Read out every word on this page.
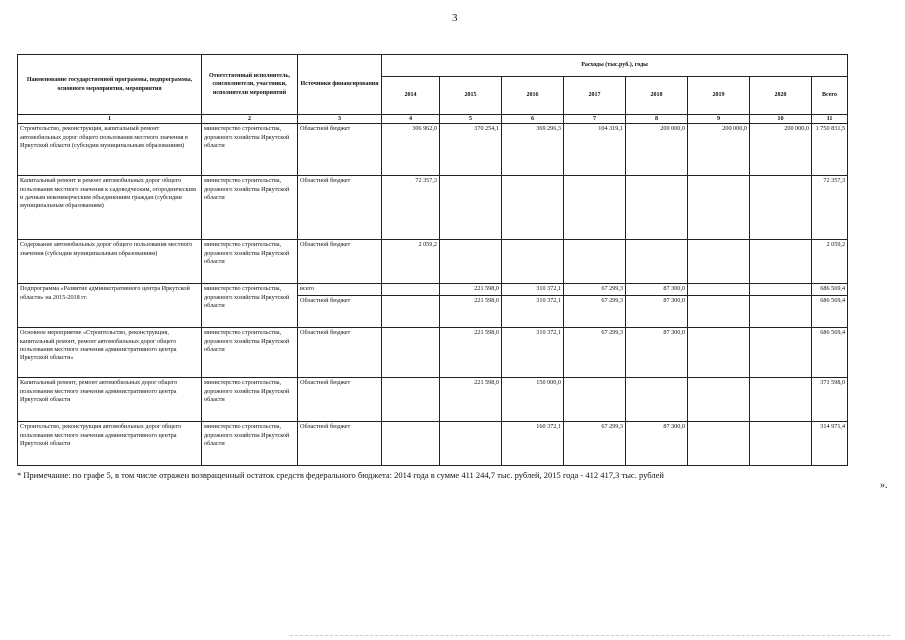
3
Наименование государственной программы, подпрограммы, основного мероприятия, мероприятия	Ответственный исполнитель, соисполнители, участники, исполнители мероприятий	Источники финансирования	Расходы (тыс.руб.), годы							
			2014	2015	2016	2017	2018	2019	2020	Всего
1	2	3	4	5	6	7	8	9	10	11
Строительство, реконструкция, капитальный ремонт автомобильных дорог общего пользования местного значения в Иркутской области (субсидии муниципальным образованиям)	министерство строительства, дорожного хозяйства Иркутской области	Областной бюджет	306 962,0	370 254,1	369 296,3	104 319,1	200 000,0	200 000,0	200 000,0	1 750 831,5
Капитальный ремонт и ремонт автомобильных дорог общего пользования местного значения к садоводческим, огородническим и дачным некоммерческим объединениям граждан (субсидии муниципальным образованиям)	министерство строительства, дорожного хозяйства Иркутской области	Областной бюджет	72 357,3							72 357,3
Содержание автомобильных дорог общего пользования местного значения (субсидии муниципальным образованиям)	министерство строительства, дорожного хозяйства Иркутской области	Областной бюджет	2 059,2							2 059,2
Подпрограмма «Развитие административного центра Иркутской области» на 2015-2018 гг.	министерство строительства, дорожного хозяйства Иркутской области	всего		221 598,0	310 372,1	67 299,3	87 300,0			686 569,4
		Областной бюджет		221 598,0	310 372,1	67 299,3	87 300,0			686 569,4
Основное мероприятие «Строительство, реконструкция, капитальный ремонт, ремонт автомобильных дорог общего пользования местного значения административного центра Иркутской области»	министерство строительства, дорожного хозяйства Иркутской области	Областной бюджет		221 598,0	310 372,1	67 299,3	87 300,0			686 569,4
Капитальный ремонт, ремонт автомобильных дорог общего пользования местного значения административного центра Иркутской области	министерство строительства, дорожного хозяйства Иркутской области	Областной бюджет		221 598,0	150 000,0					371 598,0
Строительство, реконструкция автомобильных дорог общего пользования местного значения административного центра Иркутской области	министерство строительства, дорожного хозяйства Иркутской области	Областной бюджет			160 372,1	67 299,3	87 300,0			314 971,4
* Примечание: по графе 5, в том числе отражен возвращенный остаток средств федерального бюджета: 2014 года в сумме 411 244,7 тыс. рублей, 2015 года - 412 417,3 тыс. рублей
».
